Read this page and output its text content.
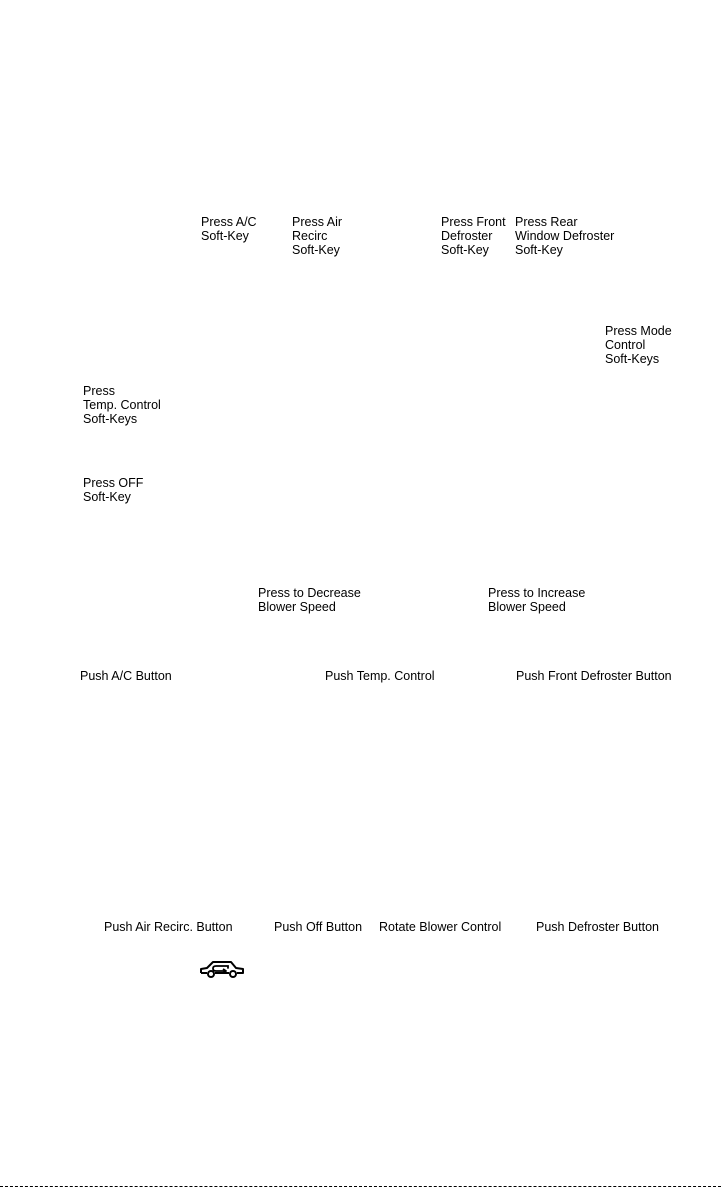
Press A/C
Soft-Key
Press Air
Recirc
Soft-Key
Press Front
Defroster
Soft-Key
Press Rear
Window Defroster
Soft-Key
Press Mode
Control
Soft-Keys
Press
Temp. Control
Soft-Keys
Press OFF
Soft-Key
Press to Decrease
Blower Speed
Press to Increase
Blower Speed
Push A/C Button	Push Temp. Control	Push Front Defroster Button
Push Air Recirc. Button	Push Off Button Rotate Blower Control	Push Defroster Button
